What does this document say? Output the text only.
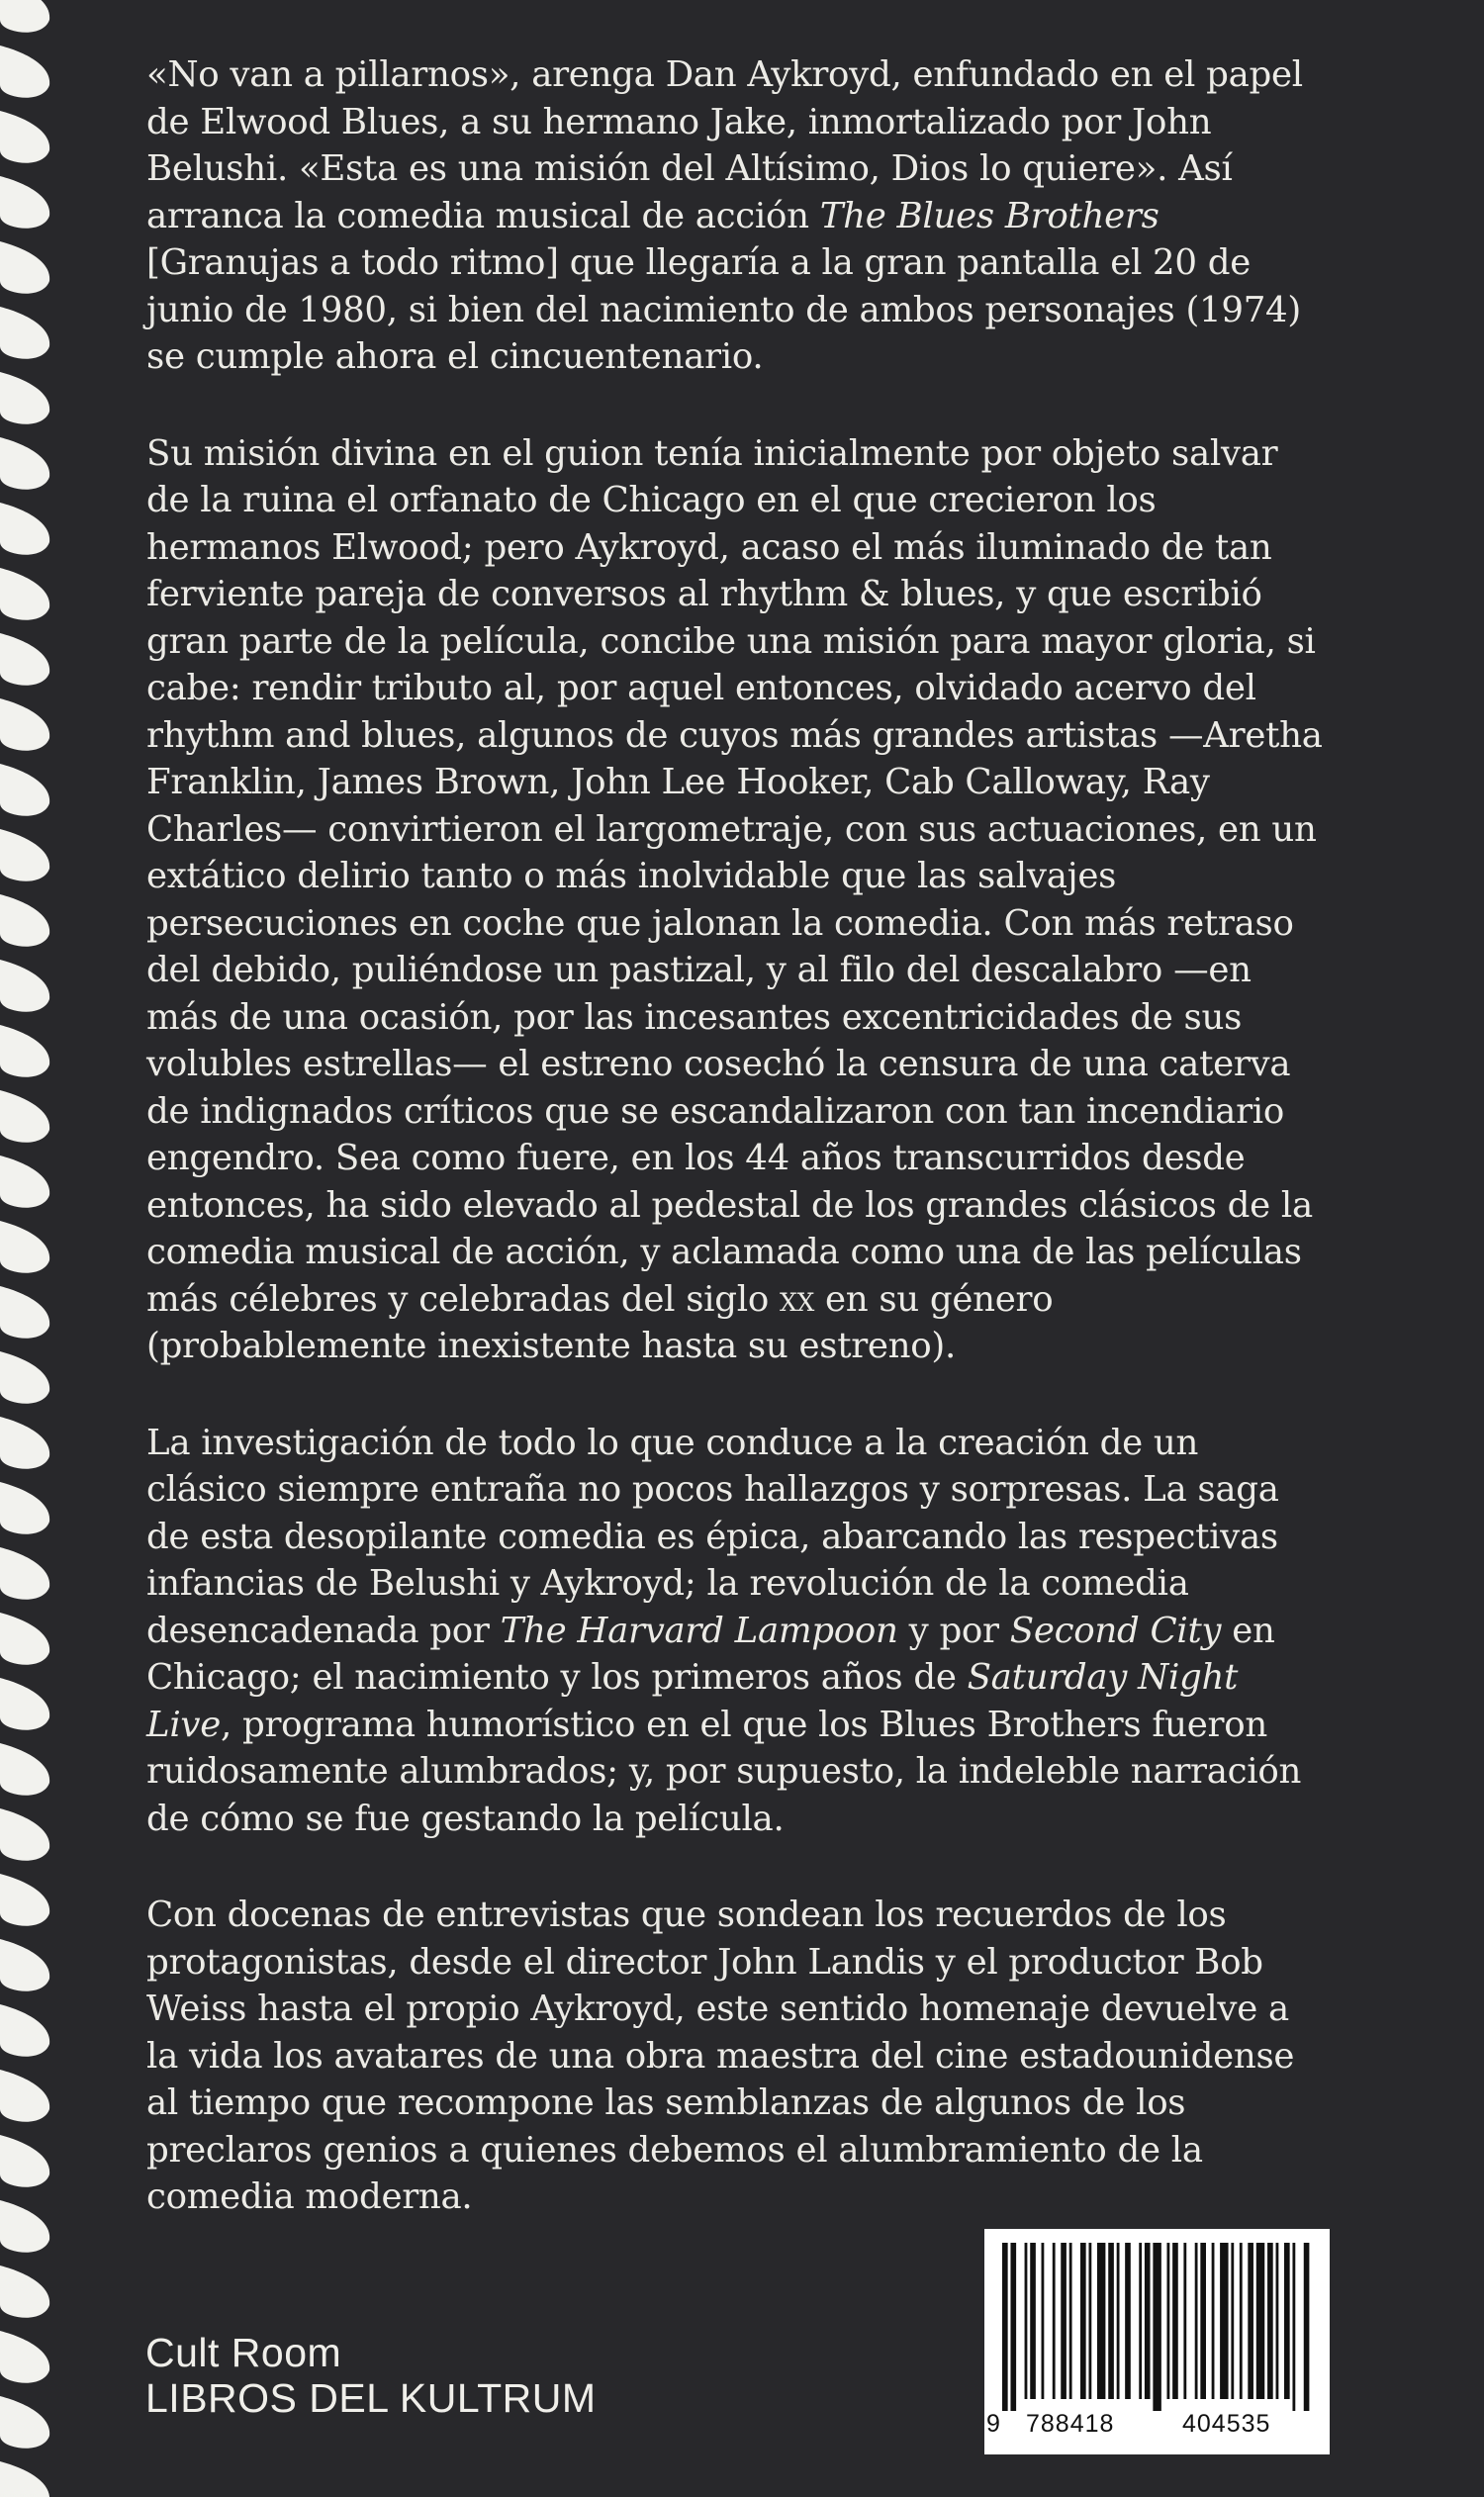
«No van a pillarnos», arenga Dan Aykroyd, enfundado en el papel de Elwood Blues, a su hermano Jake, inmortalizado por John Belushi. «Esta es una misión del Altísimo, Dios lo quiere». Así arranca la comedia musical de acción The Blues Brothers [Granujas a todo ritmo] que llegaría a la gran pantalla el 20 de junio de 1980, si bien del nacimiento de ambos personajes (1974) se cumple ahora el cincuentenario.

Su misión divina en el guion tenía inicialmente por objeto salvar de la ruina el orfanato de Chicago en el que crecieron los hermanos Elwood; pero Aykroyd, acaso el más iluminado de tan ferviente pareja de conversos al rhythm & blues, y que escribió gran parte de la película, concibe una misión para mayor gloria, si cabe: rendir tributo al, por aquel entonces, olvidado acervo del rhythm and blues, algunos de cuyos más grandes artistas —Aretha Franklin, James Brown, John Lee Hooker, Cab Calloway, Ray Charles— convirtieron el largometraje, con sus actuaciones, en un extático delirio tanto o más inolvidable que las salvajes persecuciones en coche que jalonan la comedia. Con más retraso del debido, puliéndose un pastizal, y al filo del descalabro —en más de una ocasión, por las incesantes excentricidades de sus volubles estrellas— el estreno cosechó la censura de una caterva de indignados críticos que se escandalizaron con tan incendiario engendro. Sea como fuere, en los 44 años transcurridos desde entonces, ha sido elevado al pedestal de los grandes clásicos de la comedia musical de acción, y aclamada como una de las películas más célebres y celebradas del siglo xx en su género (probablemente inexistente hasta su estreno).

La investigación de todo lo que conduce a la creación de un clásico siempre entraña no pocos hallazgos y sorpresas. La saga de esta desopilante comedia es épica, abarcando las respectivas infancias de Belushi y Aykroyd; la revolución de la comedia desencadenada por The Harvard Lampoon y por Second City en Chicago; el nacimiento y los primeros años de Saturday Night Live, programa humorístico en el que los Blues Brothers fueron ruidosamente alumbrados; y, por supuesto, la indeleble narración de cómo se fue gestando la película.

Con docenas de entrevistas que sondean los recuerdos de los protagonistas, desde el director John Landis y el productor Bob Weiss hasta el propio Aykroyd, este sentido homenaje devuelve a la vida los avatares de una obra maestra del cine estadounidense al tiempo que recompone las semblanzas de algunos de los preclaros genios a quienes debemos el alumbramiento de la comedia moderna.

Cult Room
LIBROS DEL KULTRUM
9 788418	404535
